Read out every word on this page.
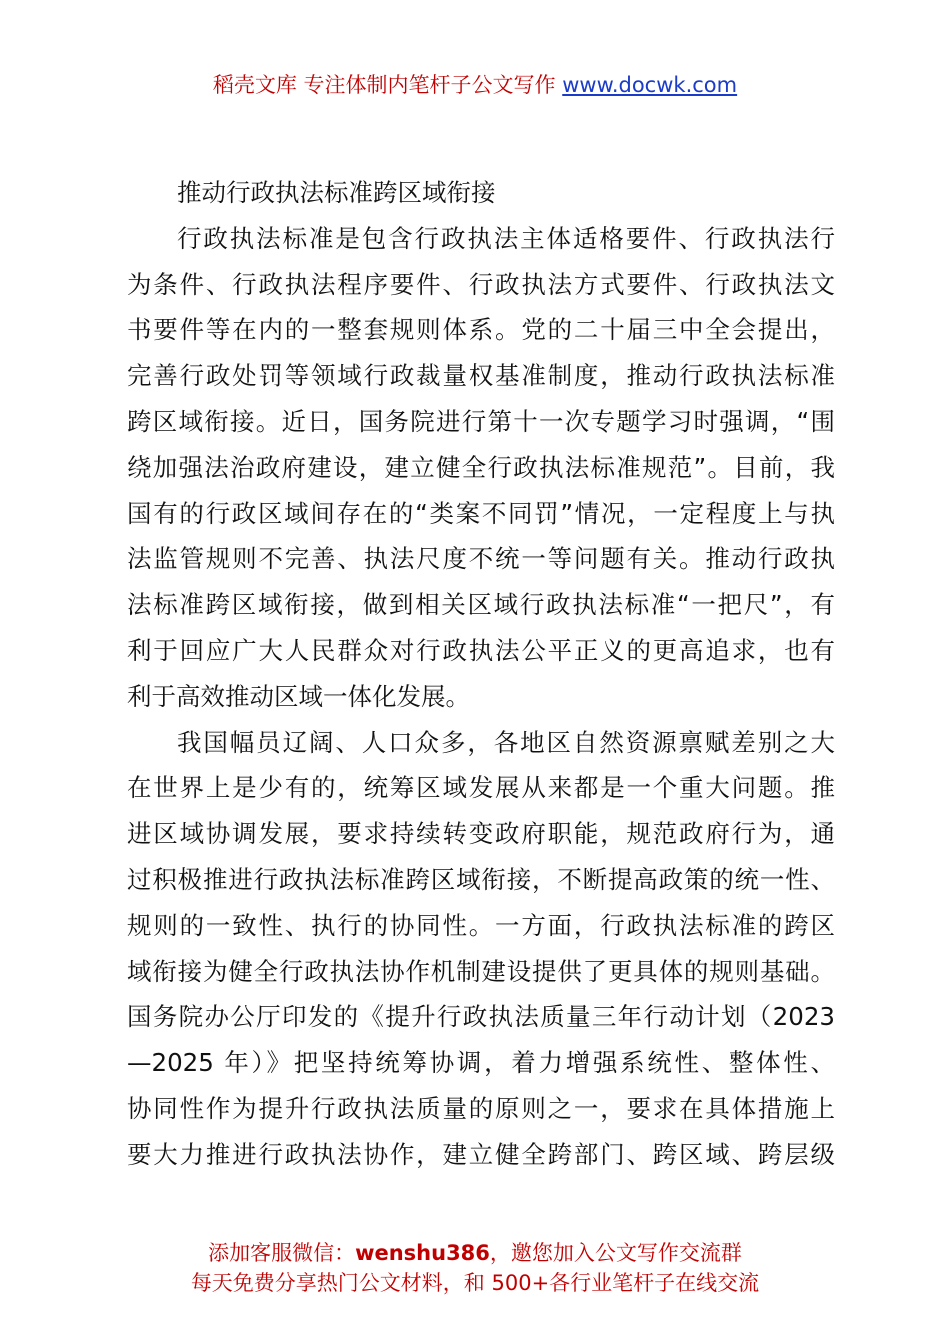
稻壳文库 专注体制内笔杆子公文写作 www.docwk.com
推动行政执法标准跨区域衔接
行政执法标准是包含行政执法主体适格要件、行政执法行
为条件、行政执法程序要件、行政执法方式要件、行政执法文
书要件等在内的一整套规则体系。党的二十届三中全会提出，
完善行政处罚等领域行政裁量权基准制度，推动行政执法标准
跨区域衔接。近日，国务院进行第十一次专题学习时强调，“围
绕加强法治政府建设，建立健全行政执法标准规范”。目前，我
国有的行政区域间存在的“类案不同罚”情况，一定程度上与执
法监管规则不完善、执法尺度不统一等问题有关。推动行政执
法标准跨区域衔接，做到相关区域行政执法标准“一把尺”，有
利于回应广大人民群众对行政执法公平正义的更高追求，也有
利于高效推动区域一体化发展。
我国幅员辽阔、人口众多，各地区自然资源禀赋差别之大
在世界上是少有的，统筹区域发展从来都是一个重大问题。推
进区域协调发展，要求持续转变政府职能，规范政府行为，通
过积极推进行政执法标准跨区域衔接，不断提高政策的统一性、
规则的一致性、执行的协同性。一方面，行政执法标准的跨区
域衔接为健全行政执法协作机制建设提供了更具体的规则基础。
国务院办公厅印发的《提升行政执法质量三年行动计划（2023
—2025 年）》把坚持统筹协调，着力增强系统性、整体性、
协同性作为提升行政执法质量的原则之一，要求在具体措施上
要大力推进行政执法协作，建立健全跨部门、跨区域、跨层级
添加客服微信：wenshu386，邀您加入公文写作交流群
每天免费分享热门公文材料，和 500+各行业笔杆子在线交流
